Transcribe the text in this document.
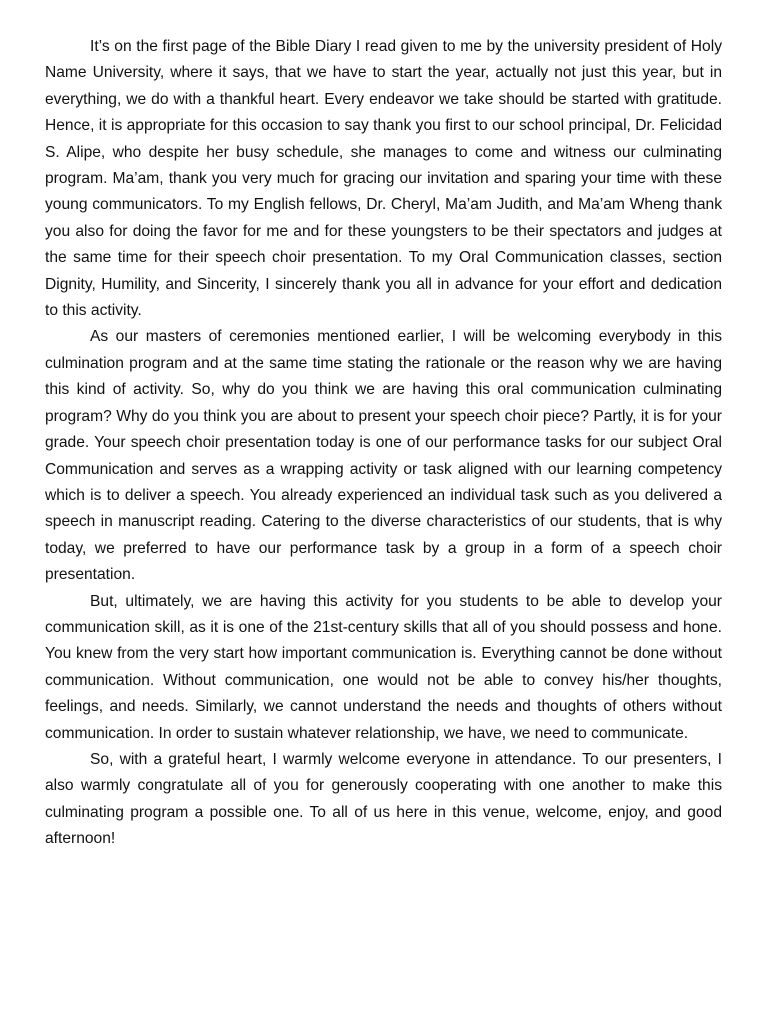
It’s on the first page of the Bible Diary I read given to me by the university president of Holy Name University, where it says, that we have to start the year, actually not just this year, but in everything, we do with a thankful heart. Every endeavor we take should be started with gratitude. Hence, it is appropriate for this occasion to say thank you first to our school principal, Dr. Felicidad S. Alipe, who despite her busy schedule, she manages to come and witness our culminating program. Ma’am, thank you very much for gracing our invitation and sparing your time with these young communicators. To my English fellows, Dr. Cheryl, Ma’am Judith, and Ma’am Wheng thank you also for doing the favor for me and for these youngsters to be their spectators and judges at the same time for their speech choir presentation. To my Oral Communication classes, section Dignity, Humility, and Sincerity, I sincerely thank you all in advance for your effort and dedication to this activity.

As our masters of ceremonies mentioned earlier, I will be welcoming everybody in this culmination program and at the same time stating the rationale or the reason why we are having this kind of activity. So, why do you think we are having this oral communication culminating program? Why do you think you are about to present your speech choir piece? Partly, it is for your grade. Your speech choir presentation today is one of our performance tasks for our subject Oral Communication and serves as a wrapping activity or task aligned with our learning competency which is to deliver a speech. You already experienced an individual task such as you delivered a speech in manuscript reading. Catering to the diverse characteristics of our students, that is why today, we preferred to have our performance task by a group in a form of a speech choir presentation.

But, ultimately, we are having this activity for you students to be able to develop your communication skill, as it is one of the 21st-century skills that all of you should possess and hone. You knew from the very start how important communication is. Everything cannot be done without communication. Without communication, one would not be able to convey his/her thoughts, feelings, and needs. Similarly, we cannot understand the needs and thoughts of others without communication. In order to sustain whatever relationship, we have, we need to communicate.

So, with a grateful heart, I warmly welcome everyone in attendance. To our presenters, I also warmly congratulate all of you for generously cooperating with one another to make this culminating program a possible one. To all of us here in this venue, welcome, enjoy, and good afternoon!
